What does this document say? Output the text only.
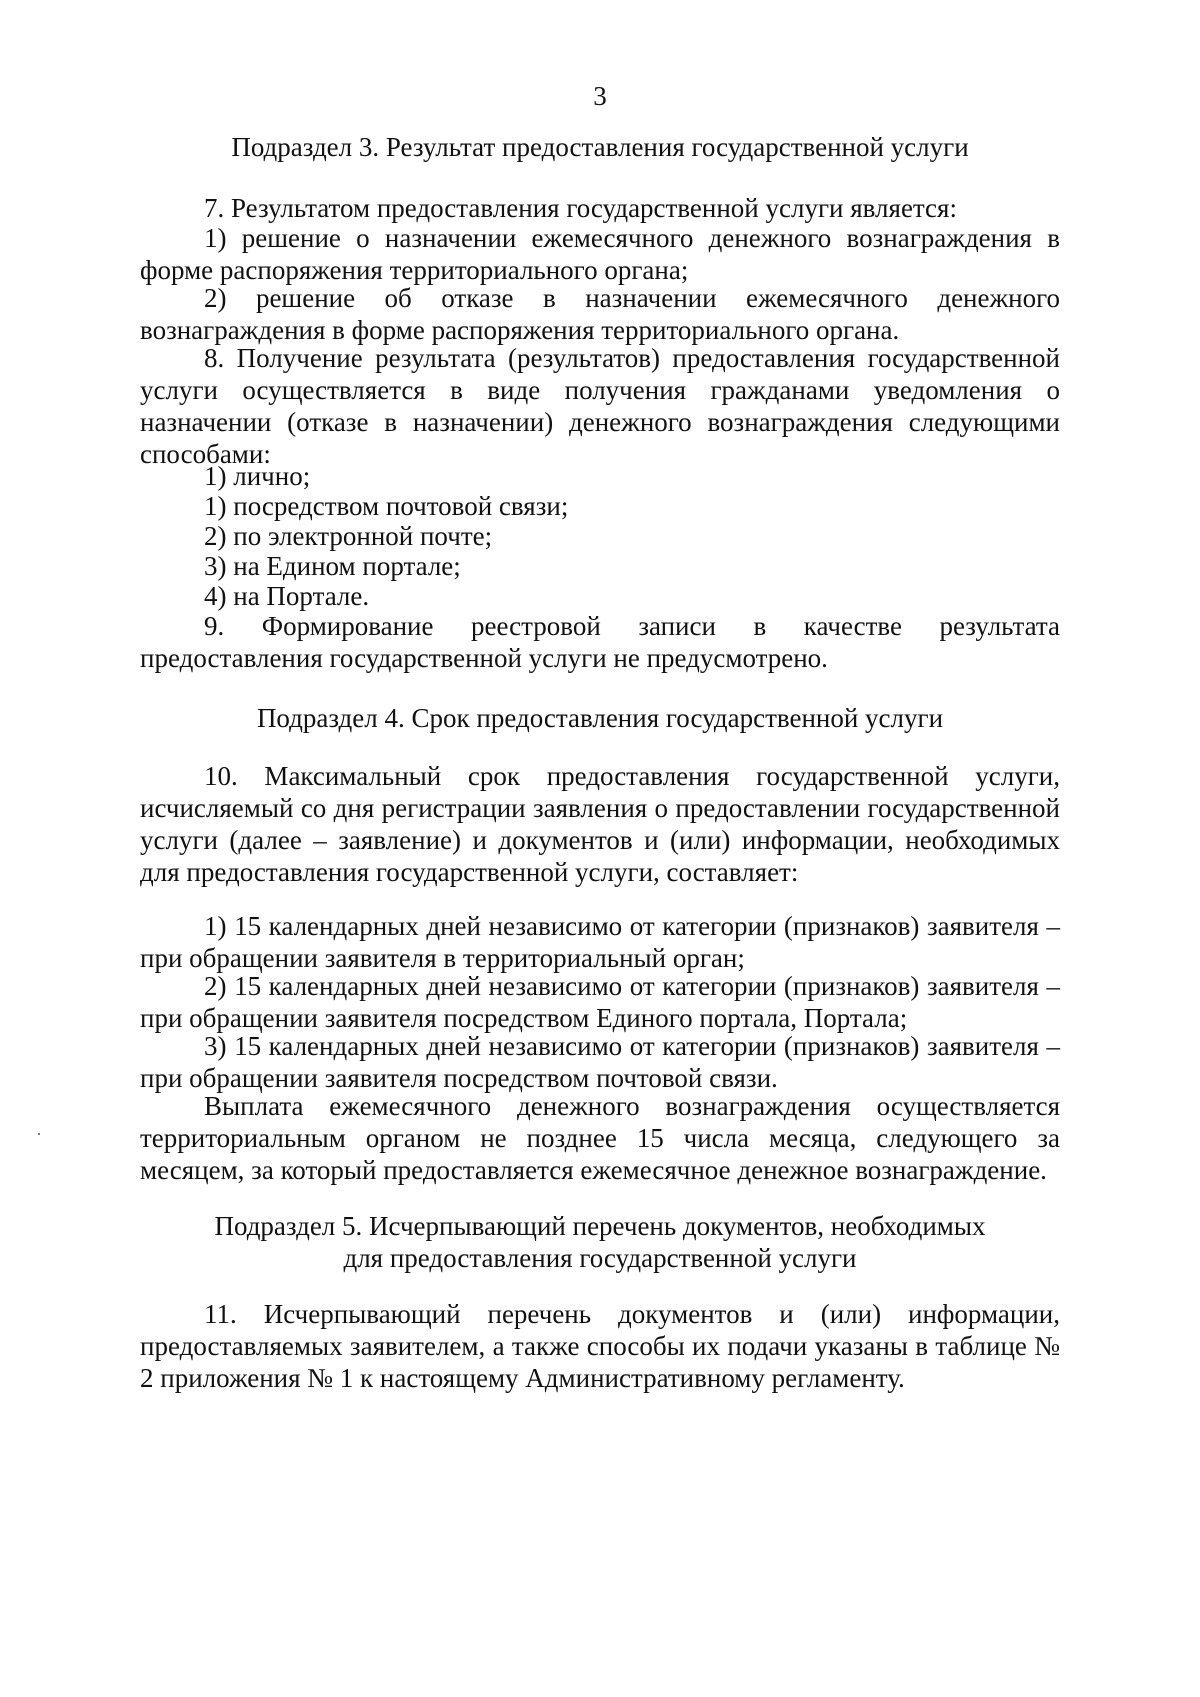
3
Подраздел 3. Результат предоставления государственной услуги
7. Результатом предоставления государственной услуги является:
1) решение о назначении ежемесячного денежного вознаграждения в форме распоряжения территориального органа;
2) решение об отказе в назначении ежемесячного денежного вознаграждения в форме распоряжения территориального органа.
8. Получение результата (результатов) предоставления государственной услуги осуществляется в виде получения гражданами уведомления о назначении (отказе в назначении) денежного вознаграждения следующими способами:
1) лично;
1) посредством почтовой связи;
2) по электронной почте;
3) на Едином портале;
4) на Портале.
9. Формирование реестровой записи в качестве результата предоставления государственной услуги не предусмотрено.
Подраздел 4. Срок предоставления государственной услуги
10. Максимальный срок предоставления государственной услуги, исчисляемый со дня регистрации заявления о предоставлении государственной услуги (далее – заявление) и документов и (или) информации, необходимых для предоставления государственной услуги, составляет:
1) 15 календарных дней независимо от категории (признаков) заявителя – при обращении заявителя в территориальный орган;
2) 15 календарных дней независимо от категории (признаков) заявителя – при обращении заявителя посредством Единого портала, Портала;
3) 15 календарных дней независимо от категории (признаков) заявителя – при обращении заявителя посредством почтовой связи.
Выплата ежемесячного денежного вознаграждения осуществляется территориальным органом не позднее 15 числа месяца, следующего за месяцем, за который предоставляется ежемесячное денежное вознаграждение.
Подраздел 5. Исчерпывающий перечень документов, необходимых
для предоставления государственной услуги
11. Исчерпывающий перечень документов и (или) информации, предоставляемых заявителем, а также способы их подачи указаны в таблице № 2 приложения № 1 к настоящему Административному регламенту.
